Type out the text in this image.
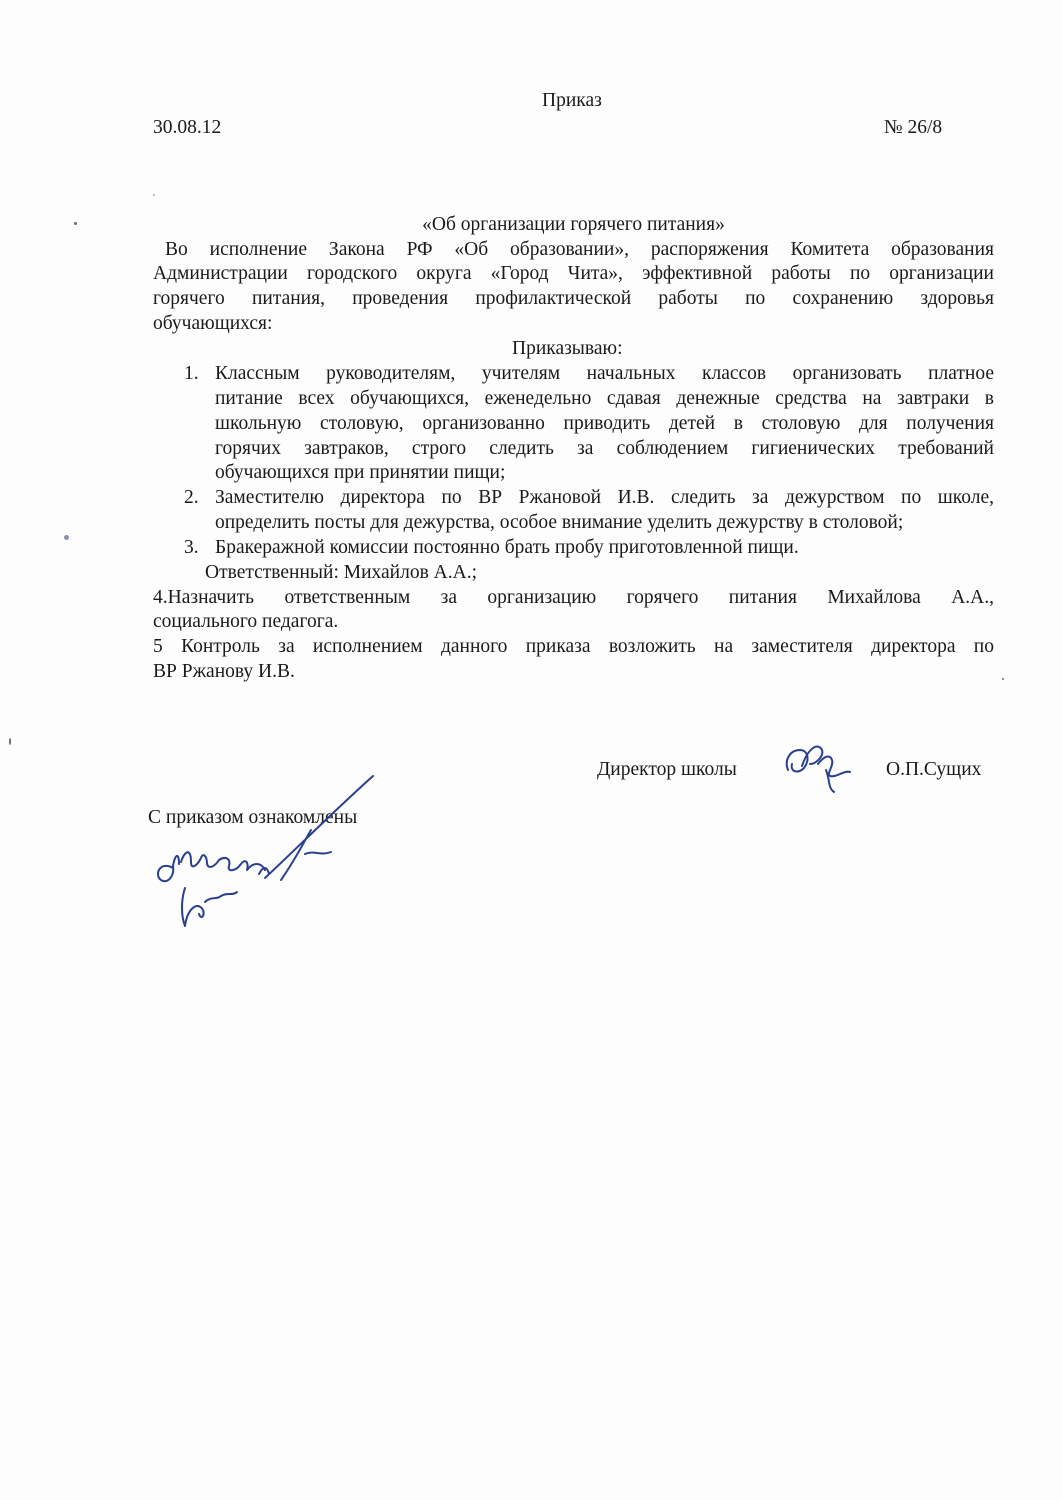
Приказ
30.08.12	№ 26/8
«Об организации горячего питания»
Во исполнение Закона РФ «Об образовании», распоряжения Комитета образования
Администрации городского округа «Город Чита», эффективной работы по организации
горячего питания, проведения профилактической работы по сохранению здоровья
обучающихся:
Приказываю:
1. Классным руководителям, учителям начальных классов организовать платное
питание всех обучающихся, еженедельно сдавая денежные средства на завтраки в
школьную столовую, организованно приводить детей в столовую для получения
горячих завтраков, строго следить за соблюдением гигиенических требований
обучающихся при принятии пищи;
2. Заместителю директора по ВР Ржановой И.В. следить за дежурством по школе,
определить посты для дежурства, особое внимание уделить дежурству в столовой;
3. Бракеражной комиссии постоянно брать пробу приготовленной пищи.
Ответственный: Михайлов А.А.;
4.Назначить ответственным за организацию горячего питания Михайлова А.А.,
социального педагога.
5 Контроль за исполнением данного приказа возложить на заместителя директора по
ВР Ржанову И.В.
Директор школы	О.П.Сущих
С приказом ознакомлены
